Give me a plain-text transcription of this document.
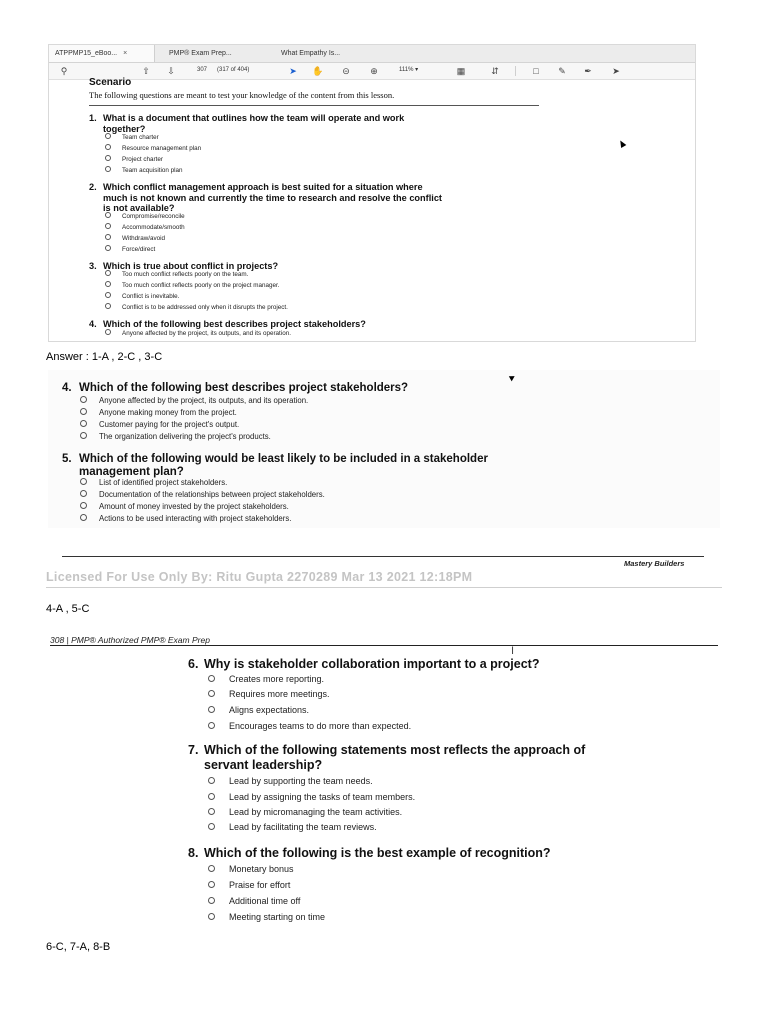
ATPPMP15_eBoo... ×	PMP® Exam Prep...	What Empathy Is...
⚲	⇧	⇩	307 (317 of 404)	➤ ✋	⊝	⊕	111% ▾	▦	⇵	□	✎	✒	➤
Scenario
The following questions are meant to test your knowledge of the content from this lesson.
1. What is a document that outlines how the team will operate and work
together?
Team charter
Resource management plan
Project charter
Team acquisition plan
2. Which conflict management approach is best suited for a situation where
much is not known and currently the time to research and resolve the conflict
is not available?
Compromise/reconcile
Accommodate/smooth
Withdraw/avoid
Force/direct
3. Which is true about conflict in projects?
Too much conflict reflects poorly on the team.
Too much conflict reflects poorly on the project manager.
Conflict is inevitable.
Conflict is to be addressed only when it disrupts the project.
4. Which of the following best describes project stakeholders?
Anyone affected by the project, its outputs, and its operation.
Answer : 1-A , 2-C , 3-C
4. Which of the following best describes project stakeholders?
Anyone affected by the project, its outputs, and its operation.
Anyone making money from the project.
Customer paying for the project's output.
The organization delivering the project's products.
5. Which of the following would be least likely to be included in a stakeholder
management plan?
List of identified project stakeholders.
Documentation of the relationships between project stakeholders.
Amount of money invested by the project stakeholders.
Actions to be used interacting with project stakeholders.
Mastery Builders
Licensed For Use Only By: Ritu Gupta 2270289 Mar 13 2021 12:18PM
4-A , 5-C
308 | PMP® Authorized PMP® Exam Prep
I
6. Why is stakeholder collaboration important to a project?
Creates more reporting.
Requires more meetings.
Aligns expectations.
Encourages teams to do more than expected.
7. Which of the following statements most reflects the approach of
servant leadership?
Lead by supporting the team needs.
Lead by assigning the tasks of team members.
Lead by micromanaging the team activities.
Lead by facilitating the team reviews.
8. Which of the following is the best example of recognition?
Monetary bonus
Praise for effort
Additional time off
Meeting starting on time
6-C, 7-A, 8-B
